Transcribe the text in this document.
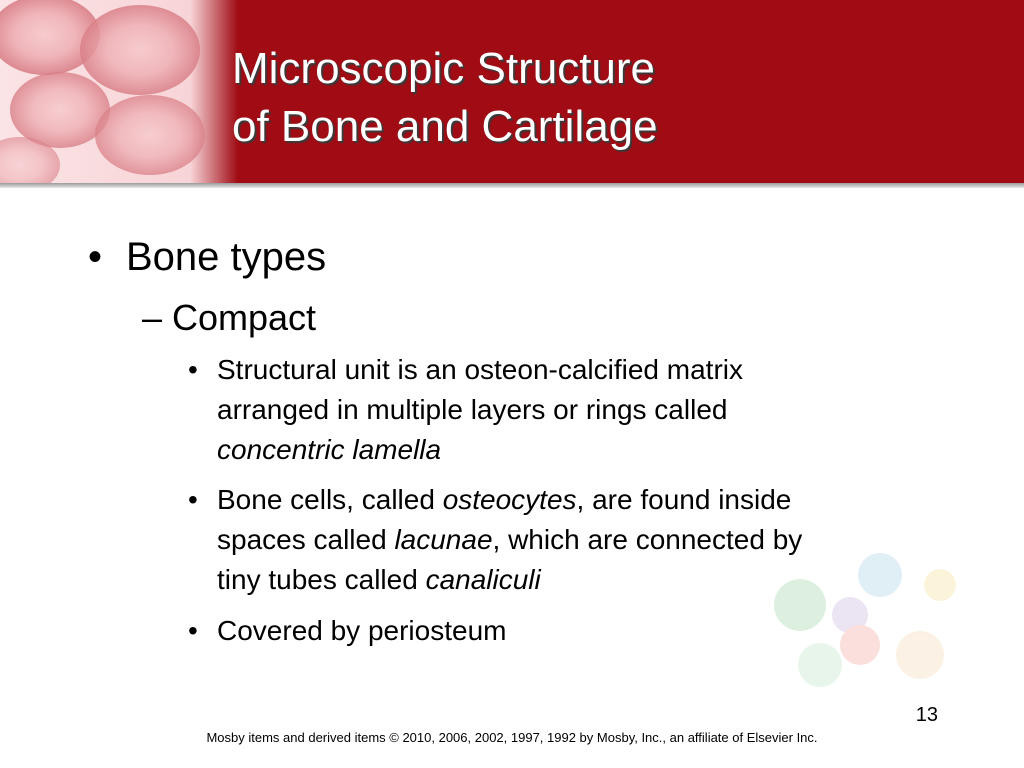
Microscopic Structure
of Bone and Cartilage
• Bone types
– Compact
• Structural unit is an osteon-calcified matrix
arranged in multiple layers or rings called
concentric lamella
• Bone cells, called osteocytes, are found inside
spaces called lacunae, which are connected by
tiny tubes called canaliculi
• Covered by periosteum
13
Mosby items and derived items © 2010, 2006, 2002, 1997, 1992 by Mosby, Inc., an affiliate of Elsevier Inc.
